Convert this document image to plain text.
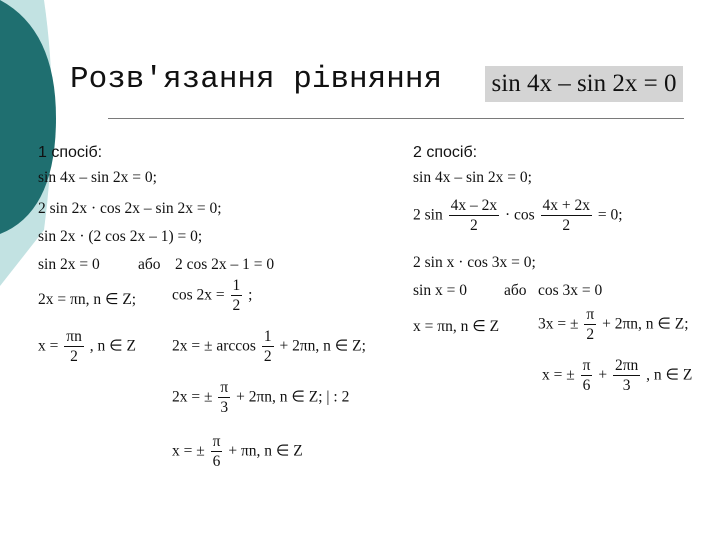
Розв'язання рівняння sin 4x – sin 2x = 0
1 спосіб:
sin 4x – sin 2x = 0;
2 sin 2x · cos 2x – sin 2x = 0;
sin 2x · (2 cos 2x – 1) = 0;
sin 2x = 0 або 2 cos 2x – 1 = 0
2x = πn, n ∈ Z; $\cos 2x = \frac{1}{2}$ ;
$x = \frac{\pi n}{2}$ , n ∈ Z 2x = ± $\arccos \frac{1}{2} + 2\pi n$, n ∈ Z;
2x = ± $\frac{\pi}{3} + 2\pi n$, n ∈ Z; | : 2
x = ± $\frac{\pi}{6} + \pi n$, n ∈ Z
2 спосіб:
sin 4x – sin 2x = 0;
2 $\sin \frac{4x - 2x}{2} \cdot \cos \frac{4x + 2x}{2} = 0$;
2 sin x · cos 3x = 0;
sin x = 0 або cos 3x = 0
x = πn, n ∈ Z	3x = ± $\frac{\pi}{2} + 2\pi n$, n ∈ Z;
x = ± $\frac{\pi}{6} + \frac{2\pi n}{3}$ , n ∈ Z
